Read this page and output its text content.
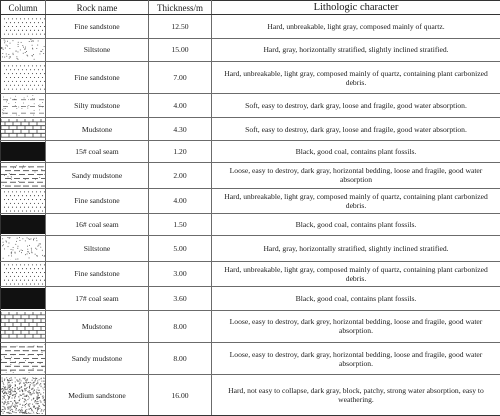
Column	Rock name	Thickness/m	Lithologic character

	Fine sandstone	12.50	Hard, unbreakable, light gray, composed mainly of quartz.

	Siltstone	15.00	Hard, gray, horizontally stratified, slightly inclined stratified.

	Fine sandstone	7.00	Hard, unbreakable, light gray, composed mainly of quartz, containing plant carbonized debris.

	Silty mudstone	4.00	Soft, easy to destroy, dark gray, loose and fragile, good water absorption.

	Mudstone	4.30	Soft, easy to destroy, dark gray, loose and fragile, good water absorption.

	15# coal seam	1.20	Black, good coal, contains plant fossils.

	Sandy mudstone	2.00	Loose, easy to destroy, dark gray, horizontal bedding, loose and fragile, good water absorption

	Fine sandstone	4.00	Hard, unbreakable, light gray, composed mainly of quartz, containing plant carbonized debris.

	16# coal seam	1.50	Black, good coal, contains plant fossils.

	Siltstone	5.00	Hard, gray, horizontally stratified, slightly inclined stratified.

	Fine sandstone	3.00	Hard, unbreakable, light gray, composed mainly of quartz, containing plant carbonized debris.

	17# coal seam	3.60	Black, good coal, contains plant fossils.

	Mudstone	8.00	Loose, easy to destroy, dark grey, horizontal bedding, loose and fragile, good water absorption.

	Sandy mudstone	8.00	Loose, easy to destroy, dark gray, horizontal bedding, loose and fragile, good water absorption.

	Medium sandstone	16.00	Hard, not easy to collapse, dark gray, block, patchy, strong water absorption, easy to weathering.
